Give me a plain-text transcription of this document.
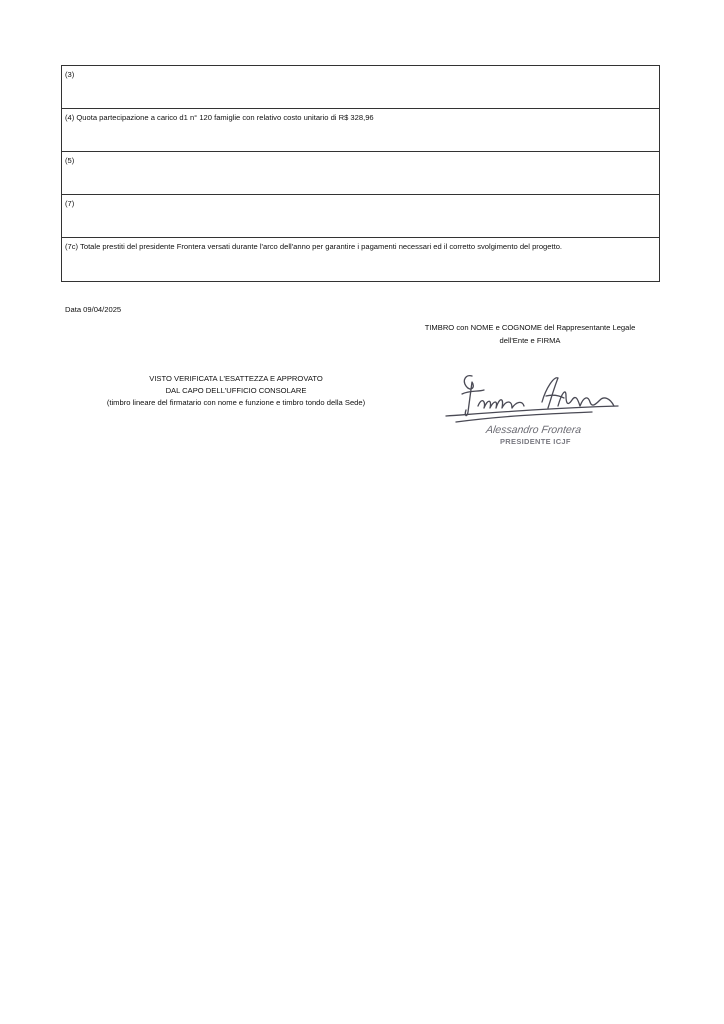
(3)
(4) Quota partecipazione a carico d1 n° 120 famiglie con relativo costo unitario di R$ 328,96
(5)
(7)
(7c) Totale prestiti del presidente Frontera versati durante l'arco dell'anno per garantire i pagamenti necessari ed il corretto svolgimento del progetto.
Data 09/04/2025
TIMBRO con NOME e COGNOME del Rappresentante Legale
dell'Ente e FIRMA
VISTO VERIFICATA L'ESATTEZZA E APPROVATO
DAL CAPO DELL'UFFICIO CONSOLARE
(timbro lineare del firmatario con nome e funzione e timbro tondo della Sede)
Alessandro Frontera
PRESIDENTE ICJF
